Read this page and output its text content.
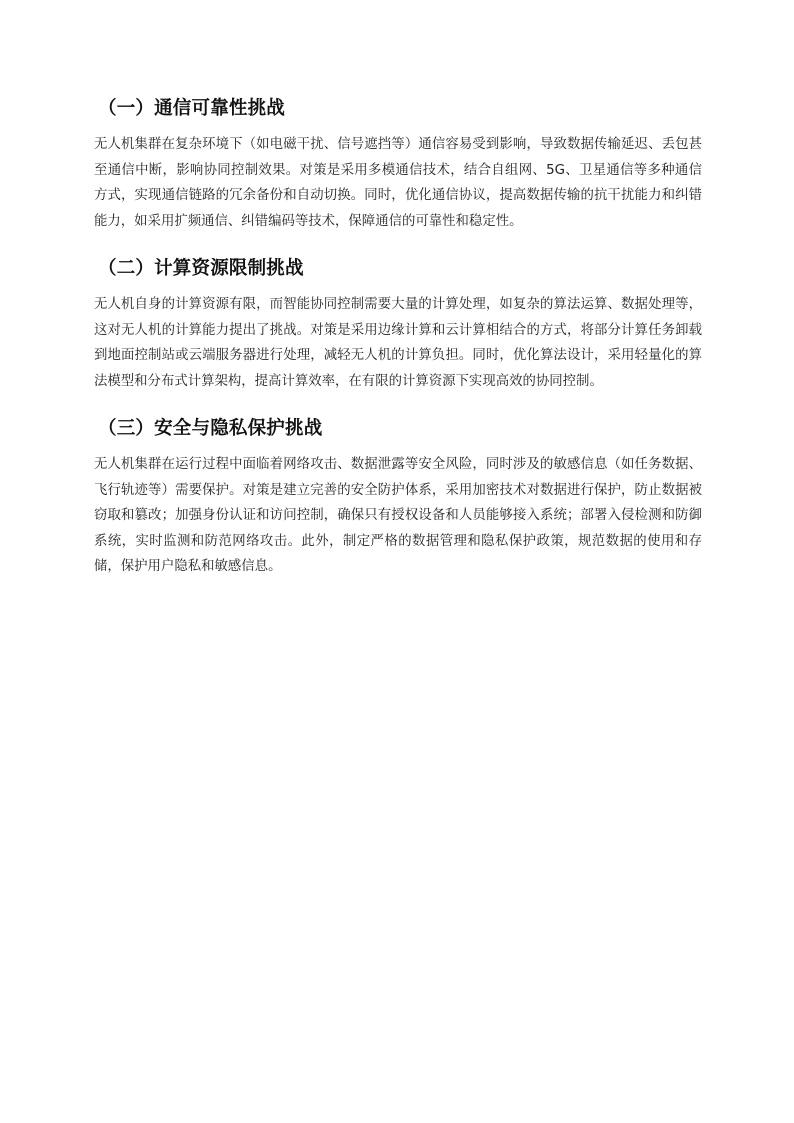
（一）通信可靠性挑战

无人机集群在复杂环境下（如电磁干扰、信号遮挡等）通信容易受到影响，导致数据传输延迟、丢包甚至通信中断，影响协同控制效果。对策是采用多模通信技术，结合自组网、5G、卫星通信等多种通信方式，实现通信链路的冗余备份和自动切换。同时，优化通信协议，提高数据传输的抗干扰能力和纠错能力，如采用扩频通信、纠错编码等技术，保障通信的可靠性和稳定性。

（二）计算资源限制挑战

无人机自身的计算资源有限，而智能协同控制需要大量的计算处理，如复杂的算法运算、数据处理等，这对无人机的计算能力提出了挑战。对策是采用边缘计算和云计算相结合的方式，将部分计算任务卸载到地面控制站或云端服务器进行处理，减轻无人机的计算负担。同时，优化算法设计，采用轻量化的算法模型和分布式计算架构，提高计算效率，在有限的计算资源下实现高效的协同控制。

（三）安全与隐私保护挑战

无人机集群在运行过程中面临着网络攻击、数据泄露等安全风险，同时涉及的敏感信息（如任务数据、飞行轨迹等）需要保护。对策是建立完善的安全防护体系，采用加密技术对数据进行保护，防止数据被窃取和篡改；加强身份认证和访问控制，确保只有授权设备和人员能够接入系统；部署入侵检测和防御系统，实时监测和防范网络攻击。此外，制定严格的数据管理和隐私保护政策，规范数据的使用和存储，保护用户隐私和敏感信息。
